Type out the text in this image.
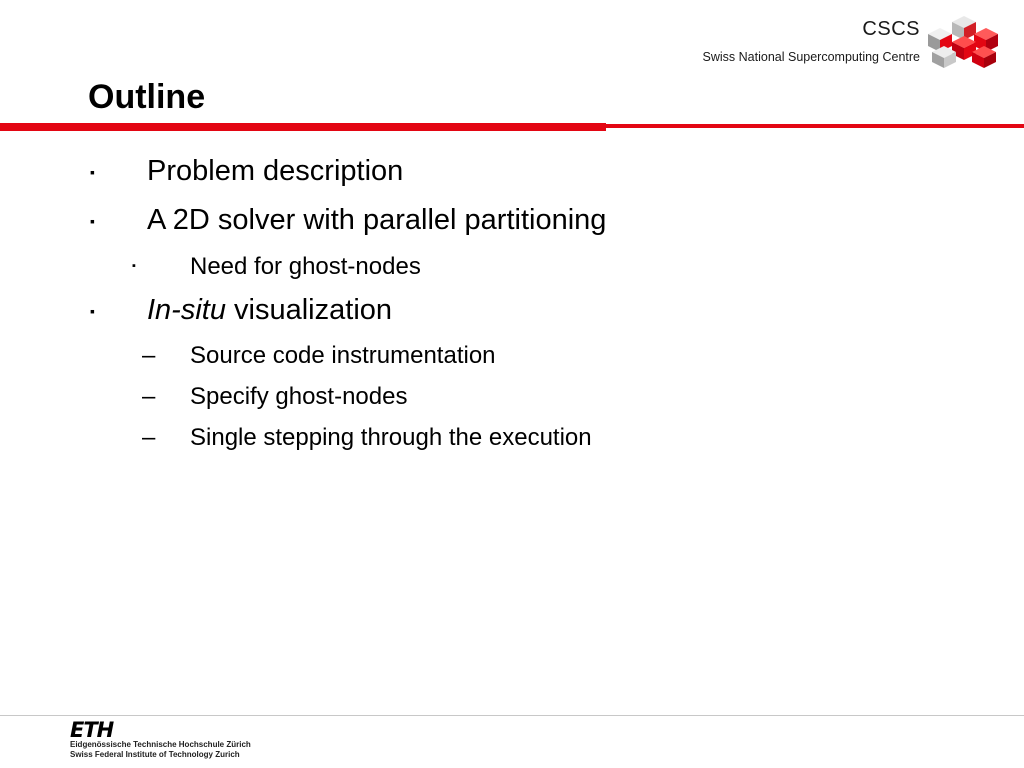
CSCS
Swiss National Supercomputing Centre
Outline
▪ Problem description
▪ A 2D solver with parallel partitioning
▪ Need for ghost-nodes
▪ In-situ visualization
– Source code instrumentation
– Specify ghost-nodes
– Single stepping through the execution
ETH
Eidgenössische Technische Hochschule Zürich
Swiss Federal Institute of Technology Zurich
